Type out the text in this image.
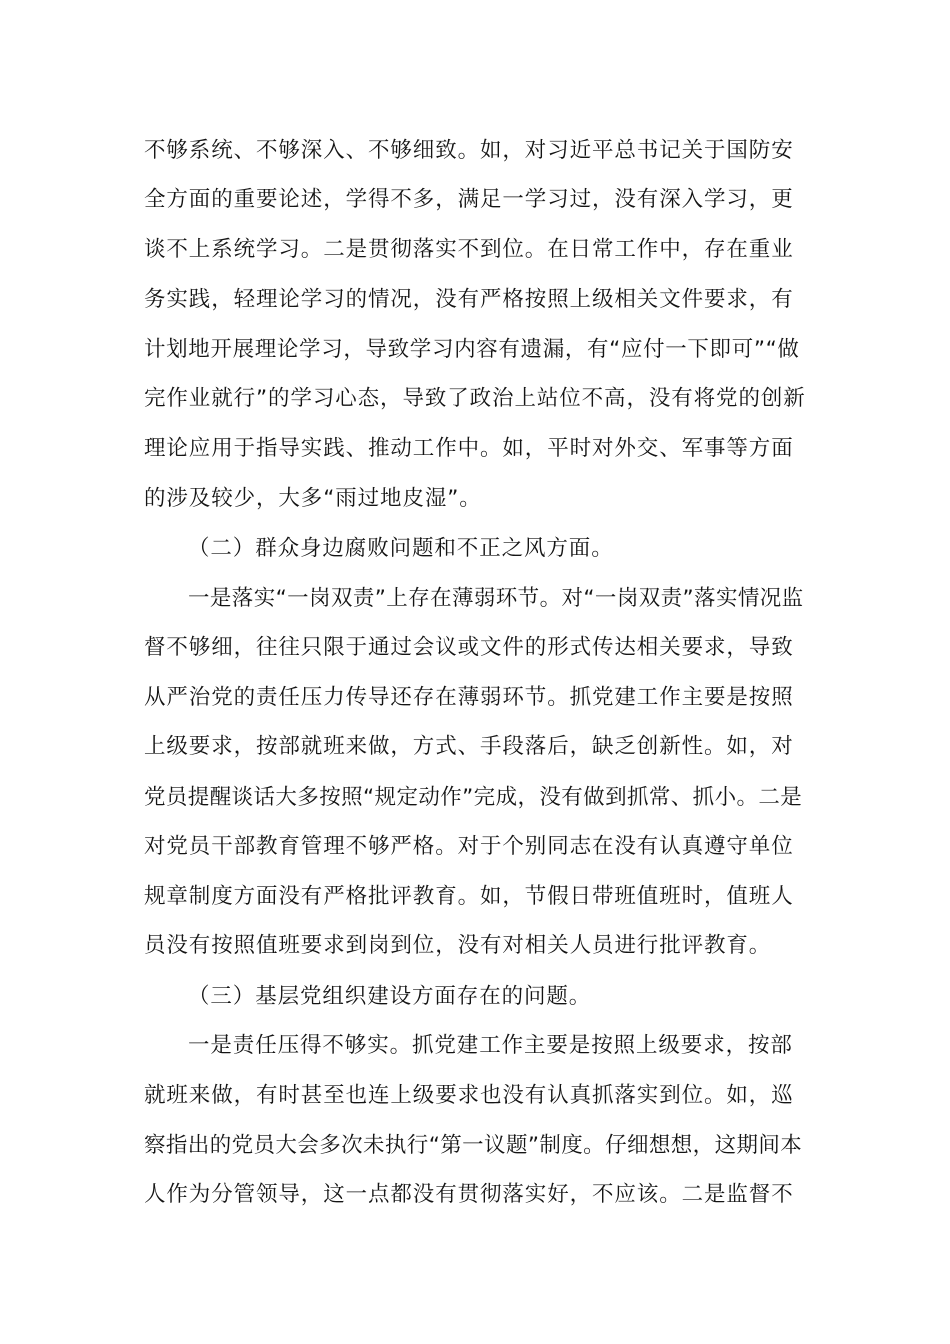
不够系统、不够深入、不够细致。如，对习近平总书记关于国防安
全方面的重要论述，学得不多，满足一学习过，没有深入学习，更
谈不上系统学习。二是贯彻落实不到位。在日常工作中，存在重业
务实践，轻理论学习的情况，没有严格按照上级相关文件要求，有
计划地开展理论学习，导致学习内容有遗漏，有“应付一下即可”“做
完作业就行”的学习心态，导致了政治上站位不高，没有将党的创新
理论应用于指导实践、推动工作中。如，平时对外交、军事等方面
的涉及较少，大多“雨过地皮湿”。
（二）群众身边腐败问题和不正之风方面。
一是落实“一岗双责”上存在薄弱环节。对“一岗双责”落实情况监
督不够细，往往只限于通过会议或文件的形式传达相关要求，导致
从严治党的责任压力传导还存在薄弱环节。抓党建工作主要是按照
上级要求，按部就班来做，方式、手段落后，缺乏创新性。如，对
党员提醒谈话大多按照“规定动作”完成，没有做到抓常、抓小。二是
对党员干部教育管理不够严格。对于个别同志在没有认真遵守单位
规章制度方面没有严格批评教育。如，节假日带班值班时，值班人
员没有按照值班要求到岗到位，没有对相关人员进行批评教育。
（三）基层党组织建设方面存在的问题。
一是责任压得不够实。抓党建工作主要是按照上级要求，按部
就班来做，有时甚至也连上级要求也没有认真抓落实到位。如，巡
察指出的党员大会多次未执行“第一议题”制度。仔细想想，这期间本
人作为分管领导，这一点都没有贯彻落实好，不应该。二是监督不
